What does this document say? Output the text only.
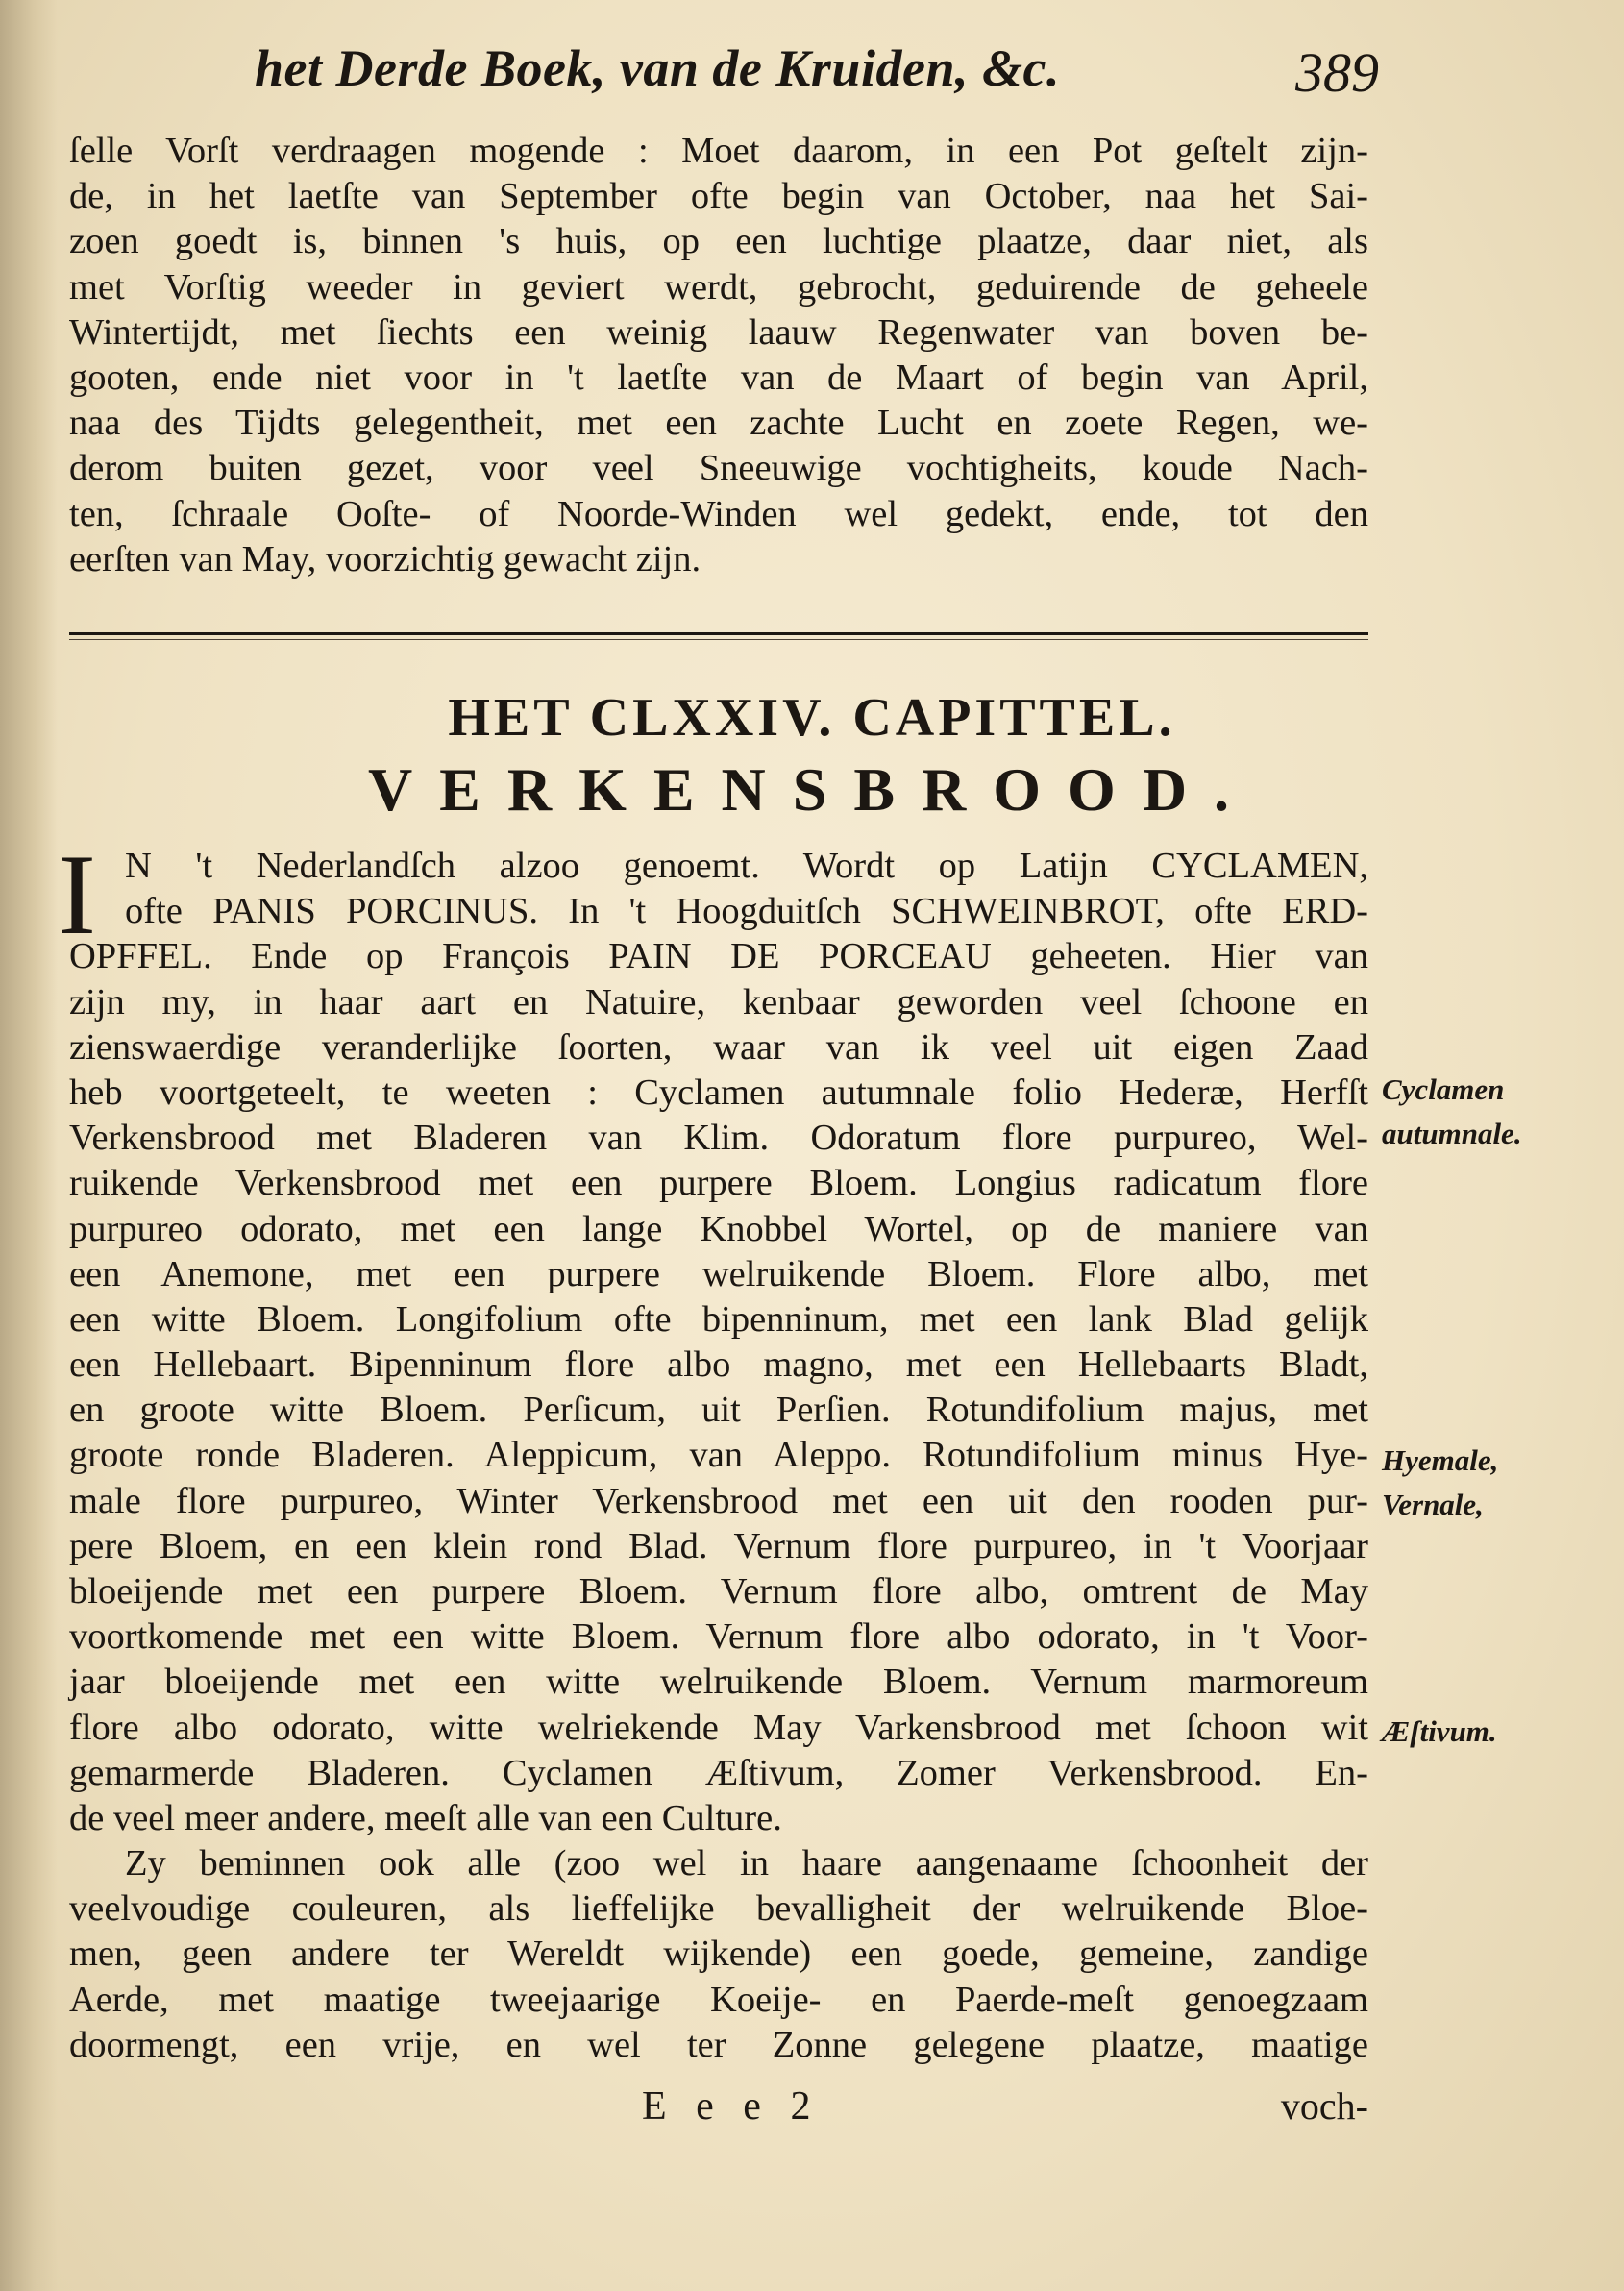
het Derde Boek, van de Kruiden, &c.	389
ſelle Vorſt verdraagen mogende : Moet daarom, in een Pot geſtelt zijn-
de, in het laetſte van September ofte begin van October, naa het Sai-
zoen goedt is, binnen 's huis, op een luchtige plaatze, daar niet, als
met Vorſtig weeder in geviert werdt, gebrocht, geduirende de geheele
Wintertijdt, met ſiechts een weinig laauw Regenwater van boven be-
gooten, ende niet voor in 't laetſte van de Maart of begin van April,
naa des Tijdts gelegentheit, met een zachte Lucht en zoete Regen, we-
derom buiten gezet, voor veel Sneeuwige vochtigheits, koude Nach-
ten, ſchraale Ooſte- of Noorde-Winden wel gedekt, ende, tot den
eerſten van May, voorzichtig gewacht zijn.
HET CLXXIV. CAPITTEL.
VERKENSBROOD.
I N 't Nederlandſch alzoo genoemt. Wordt op Latijn CYCLAMEN,
ofte PANIS PORCINUS. In 't Hoogduitſch SCHWEINBROT, ofte ERD-
OPFFEL. Ende op François PAIN DE PORCEAU geheeten. Hier van
zijn my, in haar aart en Natuire, kenbaar geworden veel ſchoone en
zienswaerdige veranderlijke ſoorten, waar van ik veel uit eigen Zaad
heb voortgeteelt, te weeten : Cyclamen autumnale folio Hederæ, Herfſt
Verkensbrood met Bladeren van Klim. Odoratum flore purpureo, Wel-
ruikende Verkensbrood met een purpere Bloem. Longius radicatum flore
purpureo odorato, met een lange Knobbel Wortel, op de maniere van
een Anemone, met een purpere welruikende Bloem. Flore albo, met
een witte Bloem. Longifolium ofte bipenninum, met een lank Blad gelijk
een Hellebaart. Bipenninum flore albo magno, met een Hellebaarts Bladt,
en groote witte Bloem. Perſicum, uit Perſien. Rotundifolium majus, met
groote ronde Bladeren. Aleppicum, van Aleppo. Rotundifolium minus Hye-
male flore purpureo, Winter Verkensbrood met een uit den rooden pur-
pere Bloem, en een klein rond Blad. Vernum flore purpureo, in 't Voorjaar
bloeijende met een purpere Bloem. Vernum flore albo, omtrent de May
voortkomende met een witte Bloem. Vernum flore albo odorato, in 't Voor-
jaar bloeijende met een witte welruikende Bloem. Vernum marmoreum
flore albo odorato, witte welriekende May Varkensbrood met ſchoon wit
gemarmerde Bladeren. Cyclamen Æſtivum, Zomer Verkensbrood. En-
de veel meer andere, meeſt alle van een Culture.
Zy beminnen ook alle (zoo wel in haare aangenaame ſchoonheit der
veelvoudige couleuren, als lieffelijke bevalligheit der welruikende Bloe-
men, geen andere ter Wereldt wijkende) een goede, gemeine, zandige
Aerde, met maatige tweejaarige Koeije- en Paerde-meſt genoegzaam
doormengt, een vrije, en wel ter Zonne gelegene plaatze, maatige
Cyclamen
autumnale.
Hyemale,
Vernale,
Æſtivum.
E e e 2	voch-
